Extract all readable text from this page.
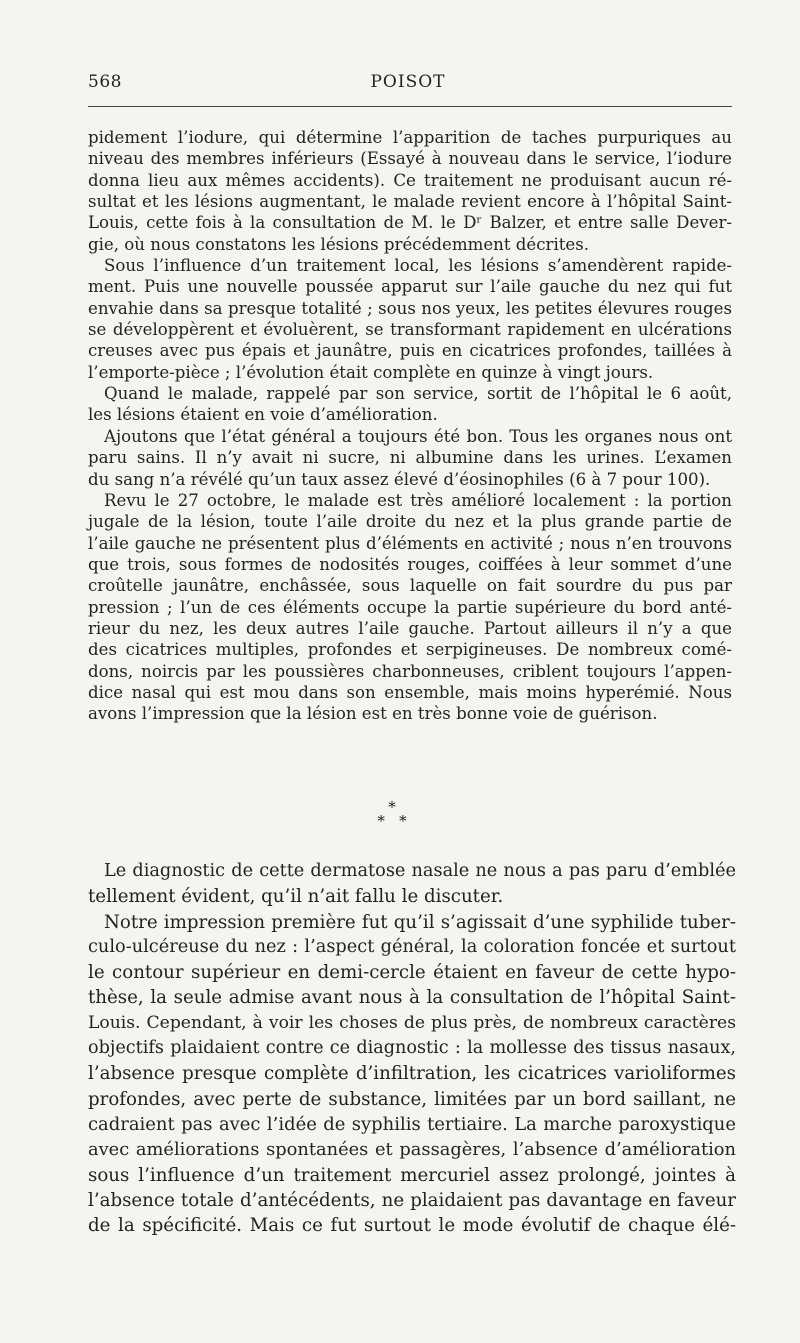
568	POISOT
pidement l’iodure, qui détermine l’apparition de taches purpuriques au
niveau des membres inférieurs (Essayé à nouveau dans le service, l’iodure
donna lieu aux mêmes accidents). Ce traitement ne produisant aucun ré-
sultat et les lésions augmentant, le malade revient encore à l’hôpital Saint-
Louis, cette fois à la consultation de M. le Dʳ Balzer, et entre salle Dever-
gie, où nous constatons les lésions précédemment décrites.
Sous l’influence d’un traitement local, les lésions s’amendèrent rapide-
ment. Puis une nouvelle poussée apparut sur l’aile gauche du nez qui fut
envahie dans sa presque totalité ; sous nos yeux, les petites élevures rouges
se développèrent et évoluèrent, se transformant rapidement en ulcérations
creuses avec pus épais et jaunâtre, puis en cicatrices profondes, taillées à
l’emporte-pièce ; l’évolution était complète en quinze à vingt jours.
Quand le malade, rappelé par son service, sortit de l’hôpital le 6 août,
les lésions étaient en voie d’amélioration.
Ajoutons que l’état général a toujours été bon. Tous les organes nous ont
paru sains. Il n’y avait ni sucre, ni albumine dans les urines. L’examen
du sang n’a révélé qu’un taux assez élevé d’éosinophiles (6 à 7 pour 100).
Revu le 27 octobre, le malade est très amélioré localement : la portion
jugale de la lésion, toute l’aile droite du nez et la plus grande partie de
l’aile gauche ne présentent plus d’éléments en activité ; nous n’en trouvons
que trois, sous formes de nodosités rouges, coiffées à leur sommet d’une
croûtelle jaunâtre, enchâssée, sous laquelle on fait sourdre du pus par
pression ; l’un de ces éléments occupe la partie supérieure du bord anté-
rieur du nez, les deux autres l’aile gauche. Partout ailleurs il n’y a que
des cicatrices multiples, profondes et serpigineuses. De nombreux comé-
dons, noircis par les poussières charbonneuses, criblent toujours l’appen-
dice nasal qui est mou dans son ensemble, mais moins hyperémié. Nous
avons l’impression que la lésion est en très bonne voie de guérison.
*
*   *
Le diagnostic de cette dermatose nasale ne nous a pas paru d’emblée
tellement évident, qu’il n’ait fallu le discuter.
Notre impression première fut qu’il s’agissait d’une syphilide tuber-
culo-ulcéreuse du nez : l’aspect général, la coloration foncée et surtout
le contour supérieur en demi-cercle étaient en faveur de cette hypo-
thèse, la seule admise avant nous à la consultation de l’hôpital Saint-
Louis. Cependant, à voir les choses de plus près, de nombreux caractères
objectifs plaidaient contre ce diagnostic : la mollesse des tissus nasaux,
l’absence presque complète d’infiltration, les cicatrices varioliformes
profondes, avec perte de substance, limitées par un bord saillant, ne
cadraient pas avec l’idée de syphilis tertiaire. La marche paroxystique
avec améliorations spontanées et passagères, l’absence d’amélioration
sous l’influence d’un traitement mercuriel assez prolongé, jointes à
l’absence totale d’antécédents, ne plaidaient pas davantage en faveur
de la spécificité. Mais ce fut surtout le mode évolutif de chaque élé-
